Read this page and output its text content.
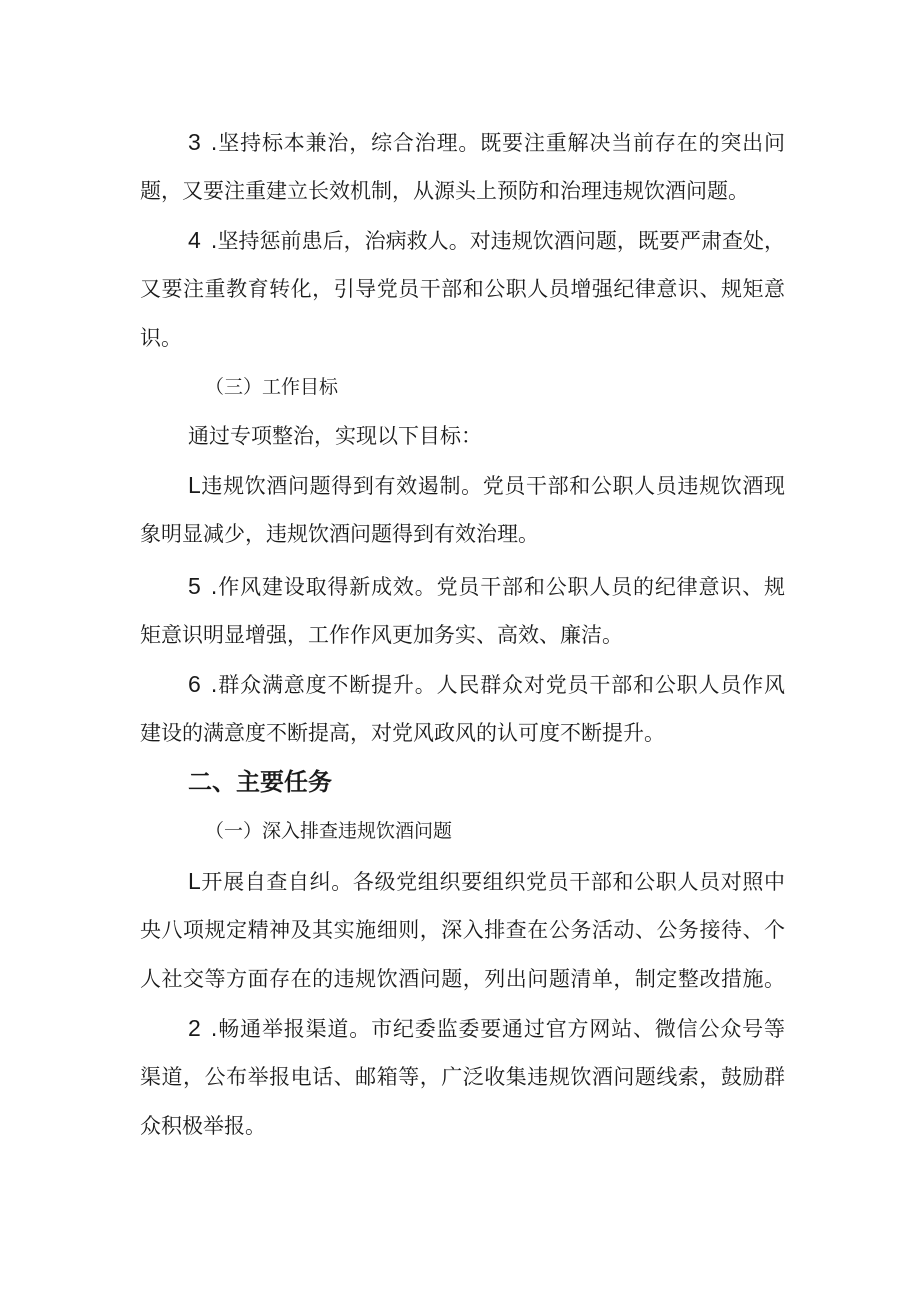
3 .坚持标本兼治，综合治理。既要注重解决当前存在的突出问
题，又要注重建立长效机制，从源头上预防和治理违规饮酒问题。
4 .坚持惩前患后，治病救人。对违规饮酒问题，既要严肃查处，
又要注重教育转化，引导党员干部和公职人员增强纪律意识、规矩意
识。
（三）工作目标
通过专项整治，实现以下目标：
L违规饮酒问题得到有效遏制。党员干部和公职人员违规饮酒现
象明显减少，违规饮酒问题得到有效治理。
5 .作风建设取得新成效。党员干部和公职人员的纪律意识、规
矩意识明显增强，工作作风更加务实、高效、廉洁。
6 .群众满意度不断提升。人民群众对党员干部和公职人员作风
建设的满意度不断提高，对党风政风的认可度不断提升。
二、主要任务
（一）深入排查违规饮酒问题
L开展自查自纠。各级党组织要组织党员干部和公职人员对照中
央八项规定精神及其实施细则，深入排查在公务活动、公务接待、个
人社交等方面存在的违规饮酒问题，列出问题清单，制定整改措施。
2 .畅通举报渠道。市纪委监委要通过官方网站、微信公众号等
渠道，公布举报电话、邮箱等，广泛收集违规饮酒问题线索，鼓励群
众积极举报。
